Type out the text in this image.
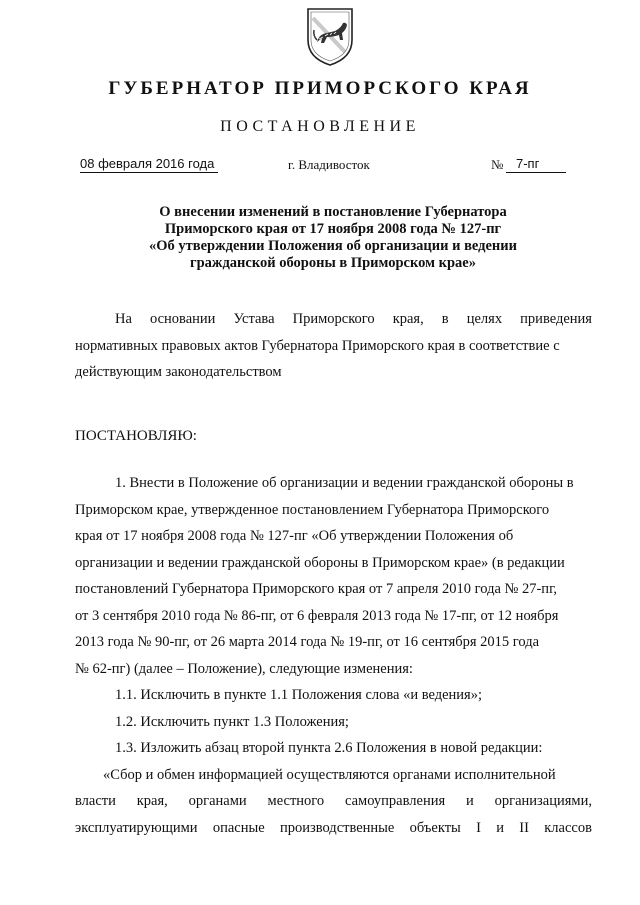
ГУБЕРНАТОР ПРИМОРСКОГО КРАЯ
ПОСТАНОВЛЕНИЕ
08 февраля 2016 года	г. Владивосток	№ 7-пг
О внесении изменений в постановление Губернатора
Приморского края от 17 ноября 2008 года № 127-пг
«Об утверждении Положения об организации и ведении
гражданской обороны в Приморском крае»
На основании Устава Приморского края, в целях приведения
нормативных правовых актов Губернатора Приморского края в соответствие с
действующим законодательством
ПОСТАНОВЛЯЮ:
1. Внести в Положение об организации и ведении гражданской обороны в
Приморском крае, утвержденное постановлением Губернатора Приморского
края от 17 ноября 2008 года № 127-пг «Об утверждении Положения об
организации и ведении гражданской обороны в Приморском крае» (в редакции
постановлений Губернатора Приморского края от 7 апреля 2010 года № 27-пг,
от 3 сентября 2010 года № 86-пг, от 6 февраля 2013 года № 17-пг, от 12 ноября
2013 года № 90-пг, от 26 марта 2014 года № 19-пг, от 16 сентября 2015 года
№ 62-пг) (далее – Положение), следующие изменения:
1.1. Исключить в пункте 1.1 Положения слова «и ведения»;
1.2. Исключить пункт 1.3 Положения;
1.3. Изложить абзац второй пункта 2.6 Положения в новой редакции:
«Сбор и обмен информацией осуществляются органами исполнительной
власти края, органами местного самоуправления и организациями,
эксплуатирующими опасные производственные объекты I и II классов
